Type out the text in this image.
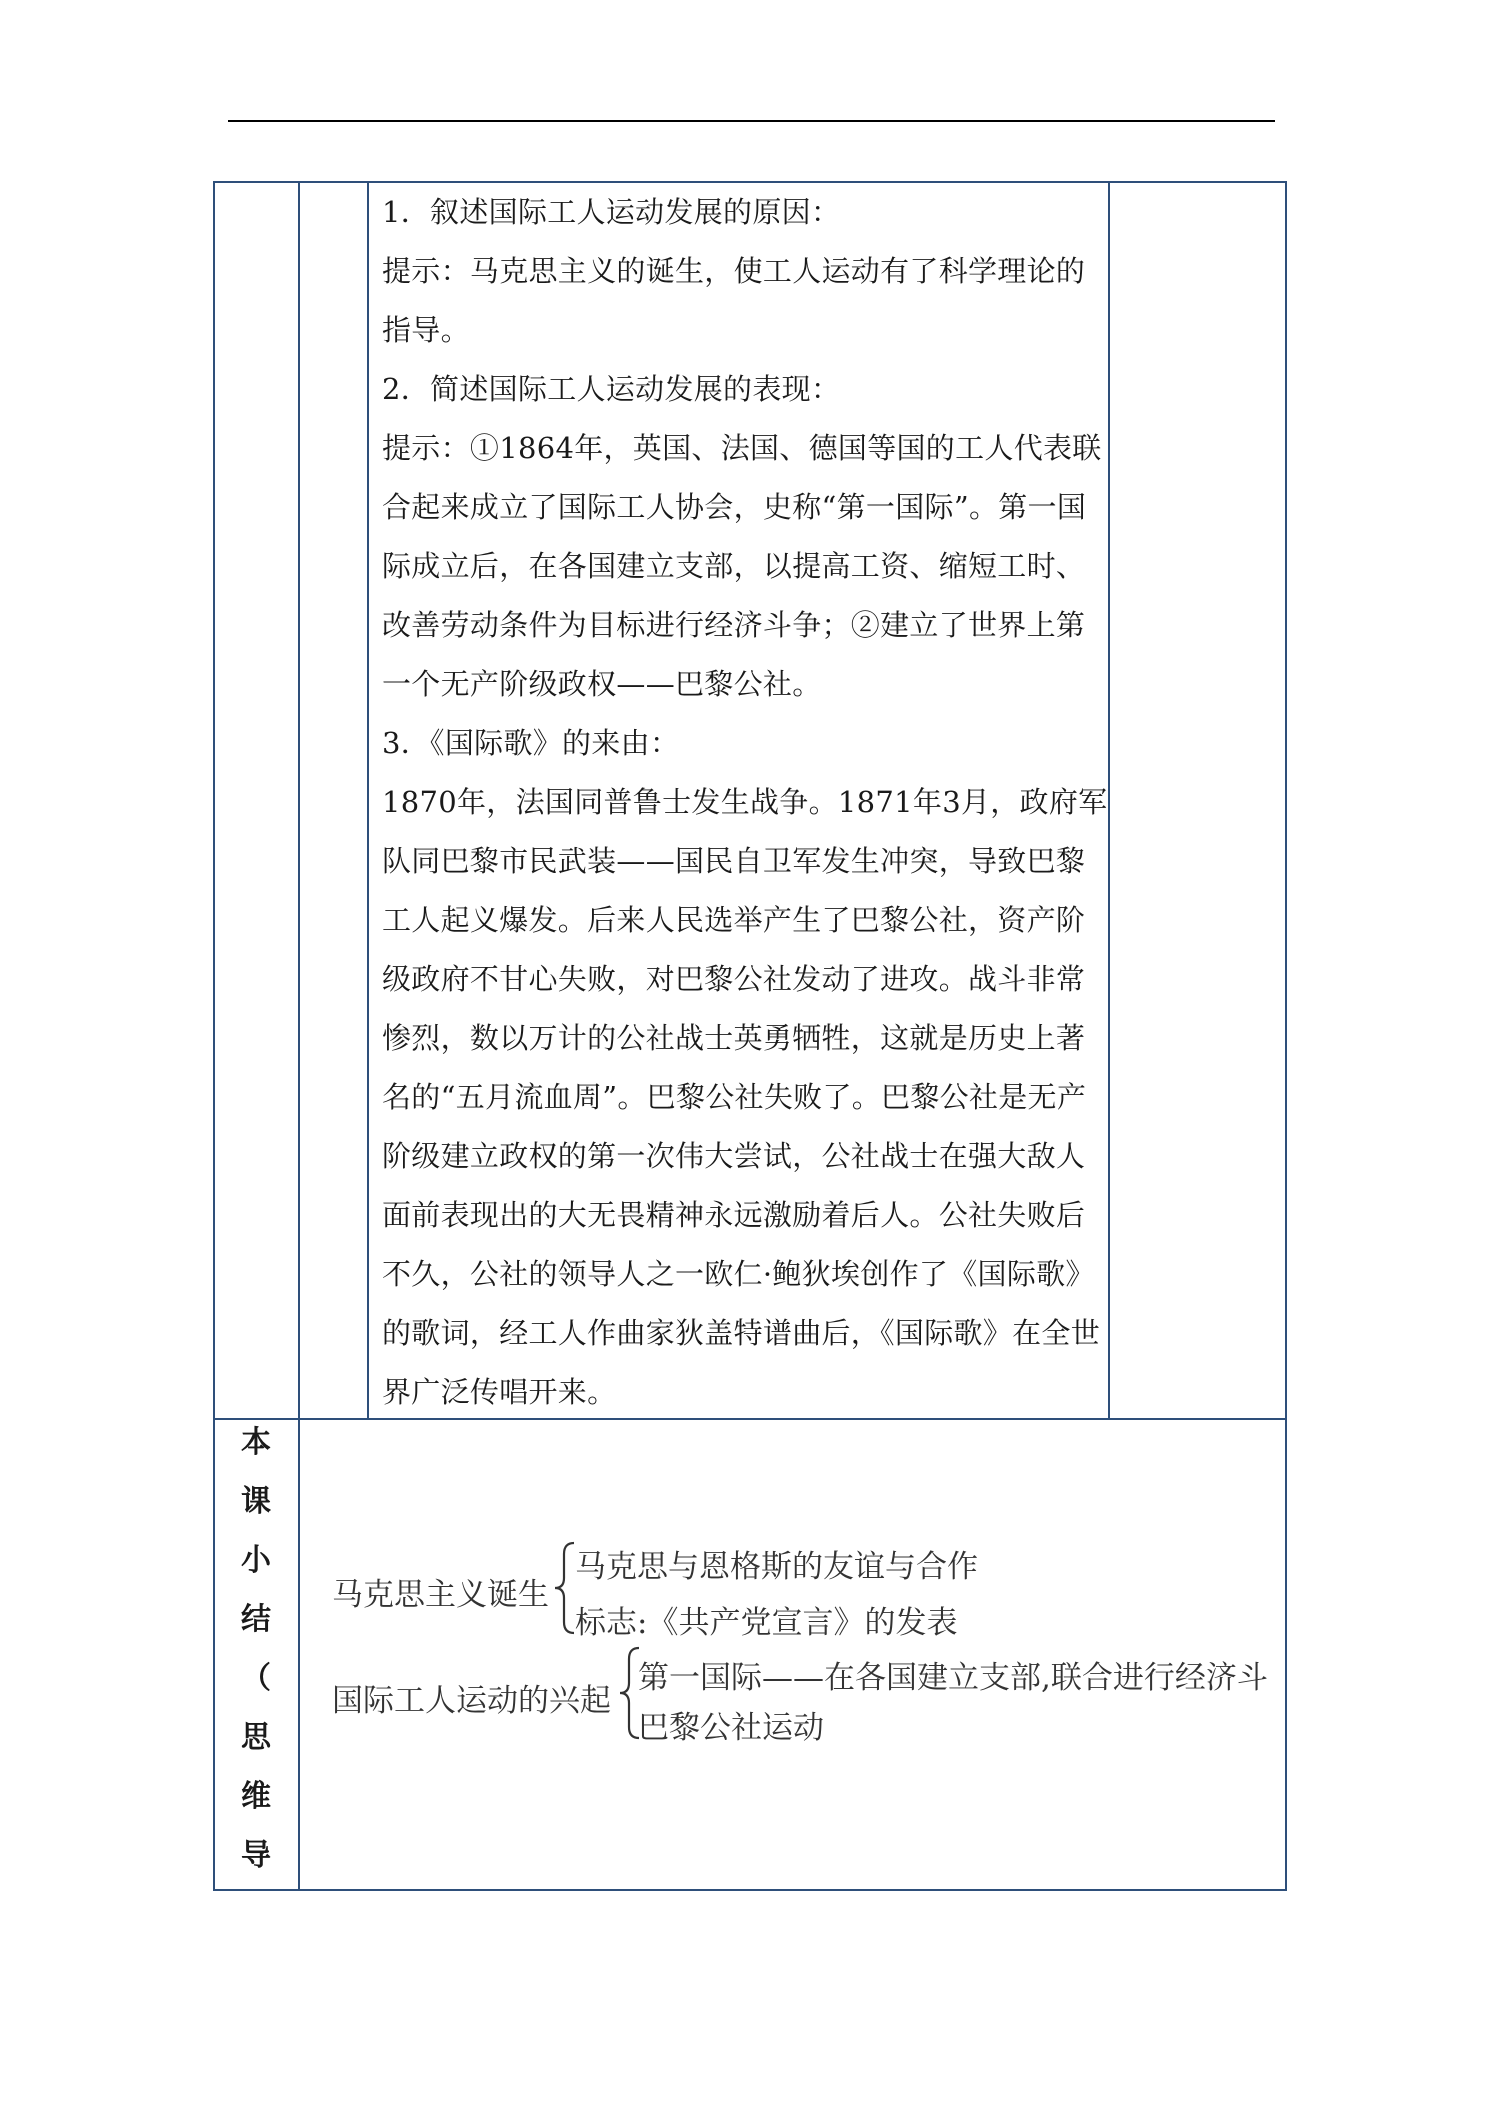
1．叙述国际工人运动发展的原因：

提示：马克思主义的诞生，使工人运动有了科学理论的指导。

2．简述国际工人运动发展的表现：

提示：①1864年，英国、法国、德国等国的工人代表联合起来成立了国际工人协会，史称“第一国际”。第一国际成立后，在各国建立支部，以提高工资、缩短工时、改善劳动条件为目标进行经济斗争；②建立了世界上第一个无产阶级政权——巴黎公社。

3．《国际歌》的来由：

1870年，法国同普鲁士发生战争。1871年3月，政府军队同巴黎市民武装——国民自卫军发生冲突，导致巴黎工人起义爆发。后来人民选举产生了巴黎公社，资产阶级政府不甘心失败，对巴黎公社发动了进攻。战斗非常惨烈，数以万计的公社战士英勇牺牲，这就是历史上著名的“五月流血周”。巴黎公社失败了。巴黎公社是无产阶级建立政权的第一次伟大尝试，公社战士在强大敌人面前表现出的大无畏精神永远激励着后人。公社失败后不久，公社的领导人之一欧仁·鲍狄埃创作了《国际歌》的歌词，经工人作曲家狄盖特谱曲后，《国际歌》在全世界广泛传唱开来。

本
课
小
结
（
思
维
导
马克思主义诞生
马克思与恩格斯的友谊与合作
标志:《共产党宣言》的发表
国际工人运动的兴起
第一国际——在各国建立支部,联合进行经济斗
巴黎公社运动
